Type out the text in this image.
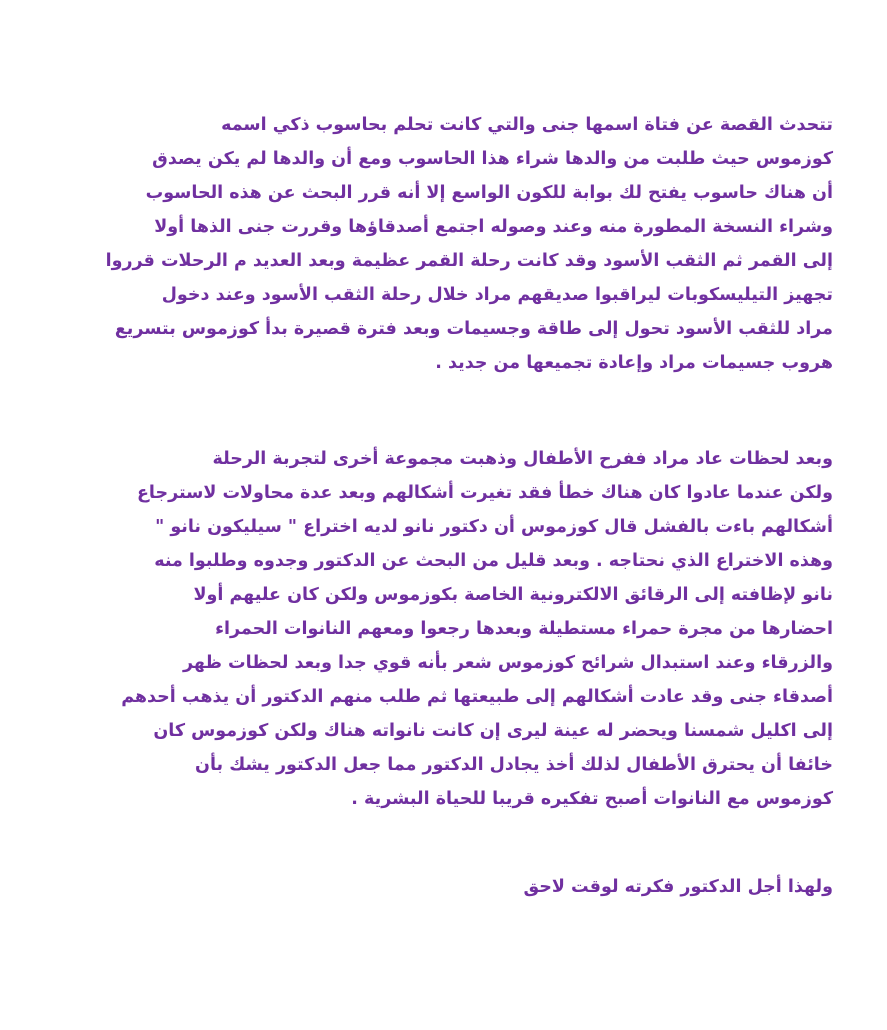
تتحدث القصة عن فتاة اسمها جنى والتي كانت تحلم بحاسوب ذكي اسمه
كوزموس حيث طلبت من والدها شراء هذا الحاسوب ومع أن والدها لم يكن يصدق
أن هناك حاسوب يفتح لك بوابة للكون الواسع إلا أنه قرر البحث عن هذه الحاسوب
وشراء النسخة المطورة منه وعند وصوله اجتمع أصدقاؤها وقررت جنى الذها أولا
إلى القمر ثم الثقب الأسود وقد كانت رحلة القمر عظيمة وبعد العديد م الرحلات قرروا
تجهيز التيليسكوبات ليراقبوا صديقهم مراد خلال رحلة الثقب الأسود وعند دخول
مراد للثقب الأسود تحول إلى طاقة وجسيمات وبعد فترة قصيرة بدأ كوزموس بتسريع
هروب جسيمات مراد وإعادة تجميعها من جديد .

وبعد لحظات عاد مراد ففرح الأطفال وذهبت مجموعة أخرى لتجربة الرحلة
ولكن عندما عادوا كان هناك خطأ فقد تغيرت أشكالهم وبعد عدة محاولات لاسترجاع
أشكالهم باءت بالفشل قال كوزموس أن دكتور نانو لديه اختراع " سيليكون نانو "
وهذه الاختراع الذي نحتاجه . وبعد قليل من البحث عن الدكتور وجدوه وطلبوا منه
نانو لإظافته إلى الرقائق الالكترونية الخاصة بكوزموس ولكن كان عليهم أولا
احضارها من مجرة حمراء مستطيلة وبعدها رجعوا ومعهم النانوات الحمراء
والزرقاء وعند استبدال شرائح كوزموس شعر بأنه قوي جدا وبعد لحظات ظهر
أصدقاء جنى وقد عادت أشكالهم إلى طبيعتها ثم طلب منهم الدكتور أن يذهب أحدهم
إلى اكليل شمسنا ويحضر له عينة ليرى إن كانت نانواته هناك ولكن كوزموس كان
خائفا أن يحترق الأطفال لذلك أخذ يجادل الدكتور مما جعل الدكتور يشك بأن
كوزموس مع النانوات أصبح تفكيره قريبا للحياة البشرية .

ولهذا أجل الدكتور فكرته لوقت لاحق
